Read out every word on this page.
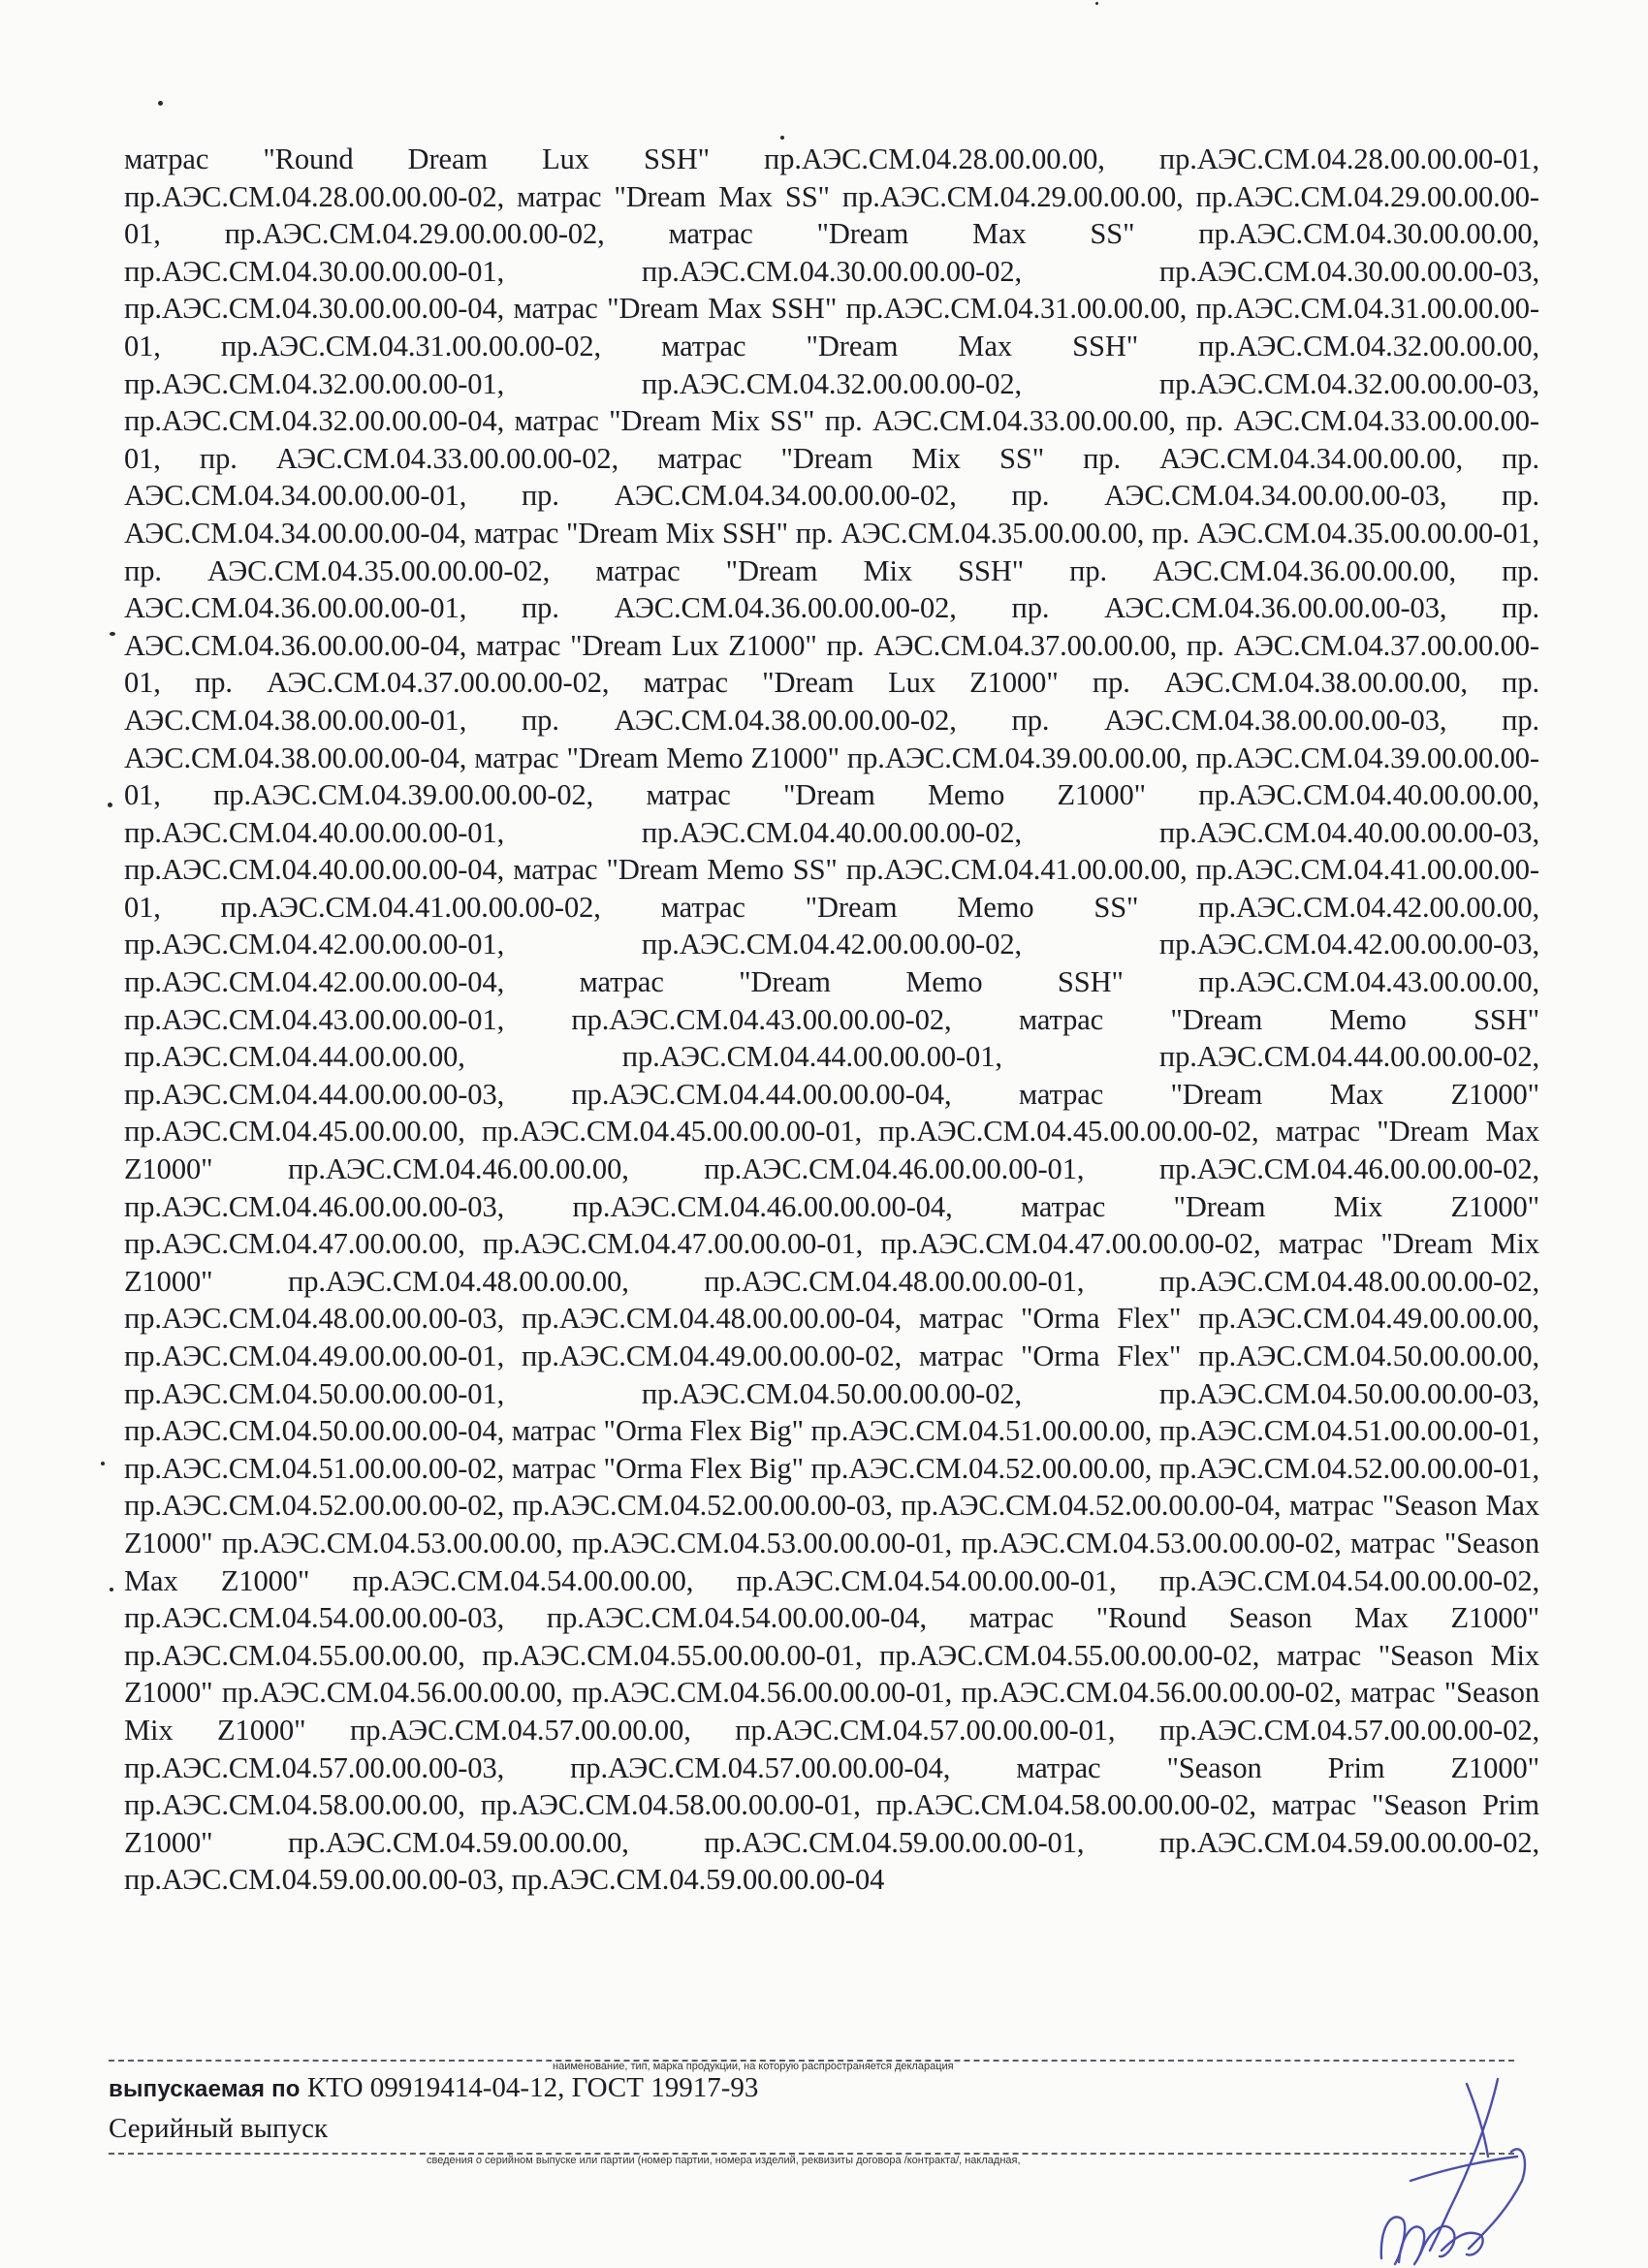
матрас "Round Dream Lux SSH" пр.АЭС.СМ.04.28.00.00.00, пр.АЭС.СМ.04.28.00.00.00-01, пр.АЭС.СМ.04.28.00.00.00-02, матрас "Dream Max SS" пр.АЭС.СМ.04.29.00.00.00, пр.АЭС.СМ.04.29.00.00.00-01, пр.АЭС.СМ.04.29.00.00.00-02, матрас "Dream Max SS" пр.АЭС.СМ.04.30.00.00.00, пр.АЭС.СМ.04.30.00.00.00-01, пр.АЭС.СМ.04.30.00.00.00-02, пр.АЭС.СМ.04.30.00.00.00-03, пр.АЭС.СМ.04.30.00.00.00-04, матрас "Dream Max SSH" пр.АЭС.СМ.04.31.00.00.00, пр.АЭС.СМ.04.31.00.00.00-01, пр.АЭС.СМ.04.31.00.00.00-02, матрас "Dream Max SSH" пр.АЭС.СМ.04.32.00.00.00, пр.АЭС.СМ.04.32.00.00.00-01, пр.АЭС.СМ.04.32.00.00.00-02, пр.АЭС.СМ.04.32.00.00.00-03, пр.АЭС.СМ.04.32.00.00.00-04, матрас "Dream Mix SS" пр. АЭС.СМ.04.33.00.00.00, пр. АЭС.СМ.04.33.00.00.00-01, пр. АЭС.СМ.04.33.00.00.00-02, матрас "Dream Mix SS" пр. АЭС.СМ.04.34.00.00.00, пр. АЭС.СМ.04.34.00.00.00-01, пр. АЭС.СМ.04.34.00.00.00-02, пр. АЭС.СМ.04.34.00.00.00-03, пр. АЭС.СМ.04.34.00.00.00-04, матрас "Dream Mix SSH" пр. АЭС.СМ.04.35.00.00.00, пр. АЭС.СМ.04.35.00.00.00-01, пр. АЭС.СМ.04.35.00.00.00-02, матрас "Dream Mix SSH" пр. АЭС.СМ.04.36.00.00.00, пр. АЭС.СМ.04.36.00.00.00-01, пр. АЭС.СМ.04.36.00.00.00-02, пр. АЭС.СМ.04.36.00.00.00-03, пр. АЭС.СМ.04.36.00.00.00-04, матрас "Dream Lux Z1000" пр. АЭС.СМ.04.37.00.00.00, пр. АЭС.СМ.04.37.00.00.00-01, пр. АЭС.СМ.04.37.00.00.00-02, матрас "Dream Lux Z1000" пр. АЭС.СМ.04.38.00.00.00, пр. АЭС.СМ.04.38.00.00.00-01, пр. АЭС.СМ.04.38.00.00.00-02, пр. АЭС.СМ.04.38.00.00.00-03, пр. АЭС.СМ.04.38.00.00.00-04, матрас "Dream Memo Z1000" пр.АЭС.СМ.04.39.00.00.00, пр.АЭС.СМ.04.39.00.00.00-01, пр.АЭС.СМ.04.39.00.00.00-02, матрас "Dream Memo Z1000" пр.АЭС.СМ.04.40.00.00.00, пр.АЭС.СМ.04.40.00.00.00-01, пр.АЭС.СМ.04.40.00.00.00-02, пр.АЭС.СМ.04.40.00.00.00-03, пр.АЭС.СМ.04.40.00.00.00-04, матрас "Dream Memo SS" пр.АЭС.СМ.04.41.00.00.00, пр.АЭС.СМ.04.41.00.00.00-01, пр.АЭС.СМ.04.41.00.00.00-02, матрас "Dream Memo SS" пр.АЭС.СМ.04.42.00.00.00, пр.АЭС.СМ.04.42.00.00.00-01, пр.АЭС.СМ.04.42.00.00.00-02, пр.АЭС.СМ.04.42.00.00.00-03, пр.АЭС.СМ.04.42.00.00.00-04, матрас "Dream Memo SSH" пр.АЭС.СМ.04.43.00.00.00, пр.АЭС.СМ.04.43.00.00.00-01, пр.АЭС.СМ.04.43.00.00.00-02, матрас "Dream Memo SSH" пр.АЭС.СМ.04.44.00.00.00, пр.АЭС.СМ.04.44.00.00.00-01, пр.АЭС.СМ.04.44.00.00.00-02, пр.АЭС.СМ.04.44.00.00.00-03, пр.АЭС.СМ.04.44.00.00.00-04, матрас "Dream Max Z1000" пр.АЭС.СМ.04.45.00.00.00, пр.АЭС.СМ.04.45.00.00.00-01, пр.АЭС.СМ.04.45.00.00.00-02, матрас "Dream Max Z1000" пр.АЭС.СМ.04.46.00.00.00, пр.АЭС.СМ.04.46.00.00.00-01, пр.АЭС.СМ.04.46.00.00.00-02, пр.АЭС.СМ.04.46.00.00.00-03, пр.АЭС.СМ.04.46.00.00.00-04, матрас "Dream Mix Z1000" пр.АЭС.СМ.04.47.00.00.00, пр.АЭС.СМ.04.47.00.00.00-01, пр.АЭС.СМ.04.47.00.00.00-02, матрас "Dream Mix Z1000" пр.АЭС.СМ.04.48.00.00.00, пр.АЭС.СМ.04.48.00.00.00-01, пр.АЭС.СМ.04.48.00.00.00-02, пр.АЭС.СМ.04.48.00.00.00-03, пр.АЭС.СМ.04.48.00.00.00-04, матрас "Orma Flex" пр.АЭС.СМ.04.49.00.00.00, пр.АЭС.СМ.04.49.00.00.00-01, пр.АЭС.СМ.04.49.00.00.00-02, матрас "Orma Flex" пр.АЭС.СМ.04.50.00.00.00, пр.АЭС.СМ.04.50.00.00.00-01, пр.АЭС.СМ.04.50.00.00.00-02, пр.АЭС.СМ.04.50.00.00.00-03, пр.АЭС.СМ.04.50.00.00.00-04, матрас "Orma Flex Big" пр.АЭС.СМ.04.51.00.00.00, пр.АЭС.СМ.04.51.00.00.00-01, пр.АЭС.СМ.04.51.00.00.00-02, матрас "Orma Flex Big" пр.АЭС.СМ.04.52.00.00.00, пр.АЭС.СМ.04.52.00.00.00-01, пр.АЭС.СМ.04.52.00.00.00-02, пр.АЭС.СМ.04.52.00.00.00-03, пр.АЭС.СМ.04.52.00.00.00-04, матрас "Season Max Z1000" пр.АЭС.СМ.04.53.00.00.00, пр.АЭС.СМ.04.53.00.00.00-01, пр.АЭС.СМ.04.53.00.00.00-02, матрас "Season Max Z1000" пр.АЭС.СМ.04.54.00.00.00, пр.АЭС.СМ.04.54.00.00.00-01, пр.АЭС.СМ.04.54.00.00.00-02, пр.АЭС.СМ.04.54.00.00.00-03, пр.АЭС.СМ.04.54.00.00.00-04, матрас "Round Season Max Z1000" пр.АЭС.СМ.04.55.00.00.00, пр.АЭС.СМ.04.55.00.00.00-01, пр.АЭС.СМ.04.55.00.00.00-02, матрас "Season Mix Z1000" пр.АЭС.СМ.04.56.00.00.00, пр.АЭС.СМ.04.56.00.00.00-01, пр.АЭС.СМ.04.56.00.00.00-02, матрас "Season Mix Z1000" пр.АЭС.СМ.04.57.00.00.00, пр.АЭС.СМ.04.57.00.00.00-01, пр.АЭС.СМ.04.57.00.00.00-02, пр.АЭС.СМ.04.57.00.00.00-03, пр.АЭС.СМ.04.57.00.00.00-04, матрас "Season Prim Z1000" пр.АЭС.СМ.04.58.00.00.00, пр.АЭС.СМ.04.58.00.00.00-01, пр.АЭС.СМ.04.58.00.00.00-02, матрас "Season Prim Z1000" пр.АЭС.СМ.04.59.00.00.00, пр.АЭС.СМ.04.59.00.00.00-01, пр.АЭС.СМ.04.59.00.00.00-02, пр.АЭС.СМ.04.59.00.00.00-03, пр.АЭС.СМ.04.59.00.00.00-04
наименование, тип, марка продукции, на которую распространяется декларация
выпускаемая по КТО 09919414-04-12, ГОСТ 19917-93
Серийный выпуск
сведения о серийном выпуске или партии (номер партии, номера изделий, реквизиты договора /контракта/, накладная,
